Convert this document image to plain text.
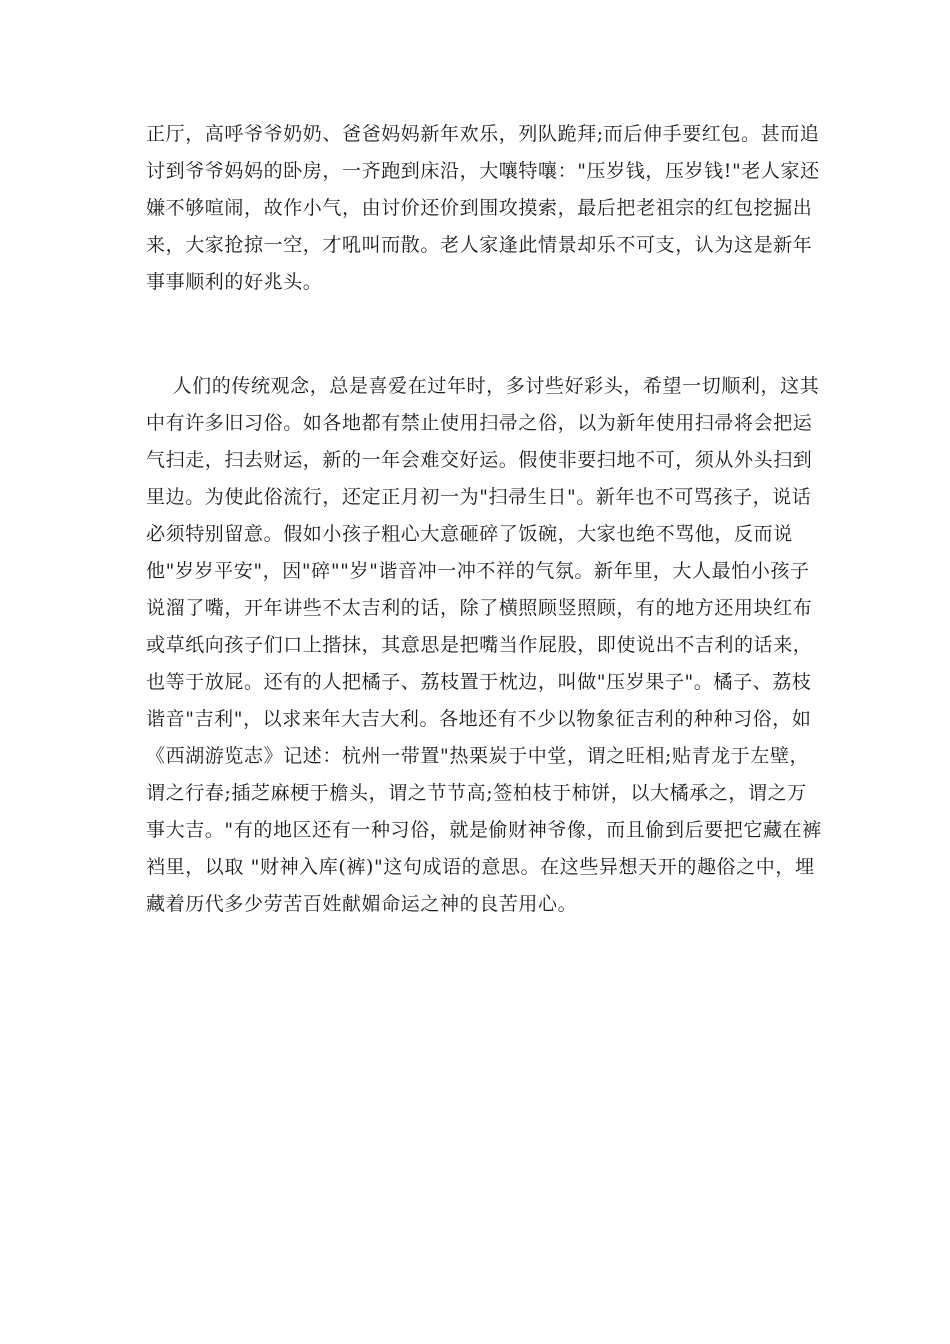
正厅，高呼爷爷奶奶、爸爸妈妈新年欢乐，列队跪拜;而后伸手要红包。甚而追
讨到爷爷妈妈的卧房，一齐跑到床沿，大嚷特嚷："压岁钱，压岁钱!"老人家还
嫌不够喧闹，故作小气，由讨价还价到围攻摸索，最后把老祖宗的红包挖掘出
来，大家抢掠一空，才吼叫而散。老人家逢此情景却乐不可支，认为这是新年
事事顺利的好兆头。
人们的传统观念，总是喜爱在过年时，多讨些好彩头，希望一切顺利，这其
中有许多旧习俗。如各地都有禁止使用扫帚之俗，以为新年使用扫帚将会把运
气扫走，扫去财运，新的一年会难交好运。假使非要扫地不可，须从外头扫到
里边。为使此俗流行，还定正月初一为"扫帚生日"。新年也不可骂孩子，说话
必须特别留意。假如小孩子粗心大意砸碎了饭碗，大家也绝不骂他，反而说
他"岁岁平安"，因"碎""岁"谐音冲一冲不祥的气氛。新年里，大人最怕小孩子
说溜了嘴，开年讲些不太吉利的话，除了横照顾竖照顾，有的地方还用块红布
或草纸向孩子们口上揩抹，其意思是把嘴当作屁股，即使说出不吉利的话来，
也等于放屁。还有的人把橘子、荔枝置于枕边，叫做"压岁果子"。橘子、荔枝
谐音"吉利"，以求来年大吉大利。各地还有不少以物象征吉利的种种习俗，如
《西湖游览志》记述：杭州一带置"热栗炭于中堂，谓之旺相;贴青龙于左壁，
谓之行春;插芝麻梗于檐头，谓之节节高;签柏枝于柿饼，以大橘承之，谓之万
事大吉。"有的地区还有一种习俗，就是偷财神爷像，而且偷到后要把它藏在裤
裆里，以取 "财神入库(裤)"这句成语的意思。在这些异想天开的趣俗之中，埋
藏着历代多少劳苦百姓献媚命运之神的良苦用心。
